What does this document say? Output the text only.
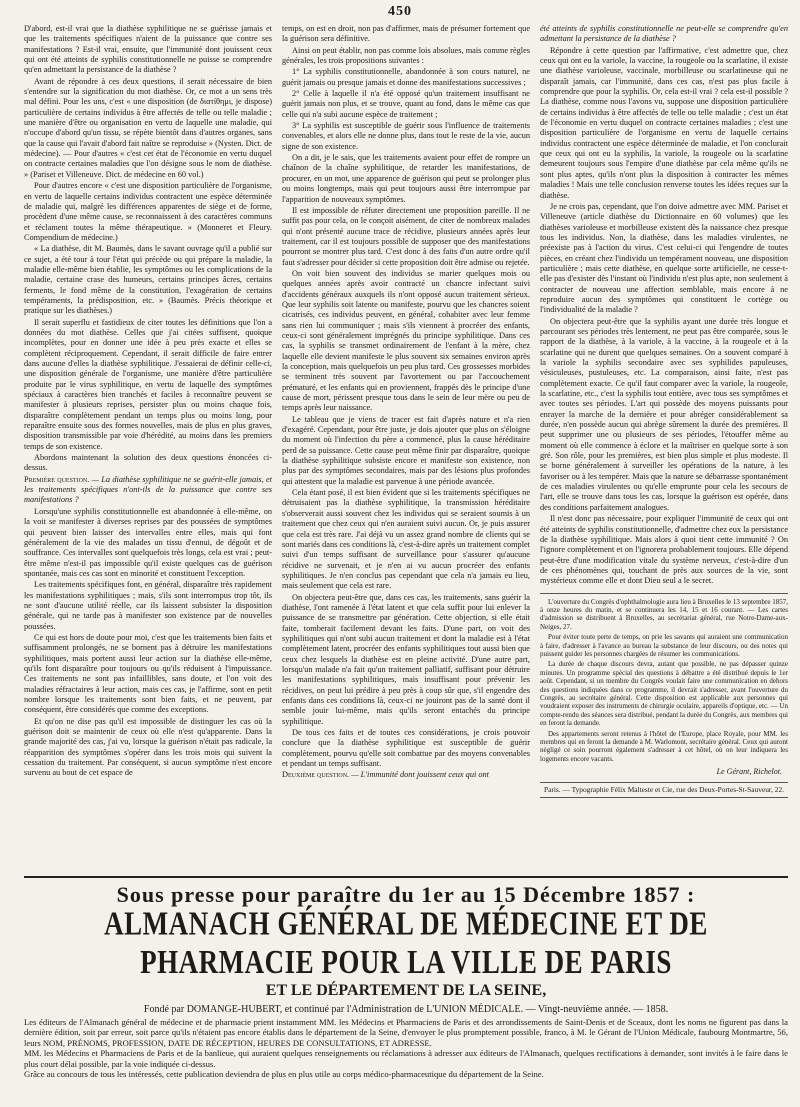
450

D'abord, est-il vrai que la diathèse syphilitique ne se guérisse jamais et que les traitements spécifiques n'aient de la puissance que contre ses manifestations ? Est-il vrai, ensuite, que l'immunité dont jouissent ceux qui ont été atteints de syphilis constitutionnelle ne puisse se comprendre qu'en admettant la persistance de la diathèse ?

Avant de répondre à ces deux questions, il serait nécessaire de bien s'entendre sur la signification du mot diathèse. Or, ce mot a un sens très mal défini. Pour les uns, c'est « une disposition (de διατίθημι, je dispose) particulière de certains individus à être affectés de telle ou telle maladie ; une manière d'être ou organisation en vertu de laquelle une maladie, qui n'occupe d'abord qu'un tissu, se répète bientôt dans d'autres organes, sans que la cause qui l'avait d'abord fait naître se reproduise » (Nysten. Dict. de médecine). — Pour d'autres « c'est cet état de l'économie en vertu duquel on contracte certaines maladies que l'on désigne sous le nom de diathèse. » (Pariset et Villeneuve. Dict. de médecine en 60 vol.)

Pour d'autres encore « c'est une disposition particulière de l'organisme, en vertu de laquelle certains individus contractent une espèce déterminée de maladie qui, malgré les différences apparentes de siège et de forme, procèdent d'une même cause, se reconnaissent à des caractères communs et réclament toutes la même thérapeutique. » (Monneret et Fleury. Compendium de médecine.)

« La diathèse, dit M. Baumès, dans le savant ouvrage qu'il a publié sur ce sujet, a été tour à tour l'état qui précède ou qui prépare la maladie, la maladie elle-même bien établie, les symptômes ou les complications de la maladie, certaine crase des humeurs, certains principes âcres, certains ferments, le fond même de la constitution, l'exagération de certains tempéraments, la prédisposition, etc. » (Baumès. Précis théorique et pratique sur les diathèses.)

Il serait superflu et fastidieux de citer toutes les définitions que l'on a données du mot diathèse. Celles que j'ai citées suffisent, quoique incomplètes, pour en donner une idée à peu près exacte et elles se complètent réciproquement. Cependant, il serait difficile de faire entrer dans aucune d'elles la diathèse syphilitique. J'essaierai de définir celle-ci, une disposition générale de l'organisme, une manière d'être particulière produite par le virus syphilitique, en vertu de laquelle des symptômes spéciaux à caractères bien tranchés et faciles à reconnaître peuvent se manifester à plusieurs reprises, persister plus ou moins chaque fois, disparaître complètement pendant un temps plus ou moins long, pour reparaître ensuite sous des formes nouvelles, mais de plus en plus graves, disposition transmissible par voie d'hérédité, au moins dans les premiers temps de son existence.

Abordons maintenant la solution des deux questions énoncées ci-dessus.

Première question. — La diathèse syphilitique ne se guérit-elle jamais, et les traitements spécifiques n'ont-ils de la puissance que contre ses manifestations ?

Lorsqu'une syphilis constitutionnelle est abandonnée à elle-même, on la voit se manifester à diverses reprises par des poussées de symptômes qui peuvent bien laisser des intervalles entre elles, mais qui font généralement de la vie des malades un tissu d'ennui, de dégoût et de souffrance. Ces intervalles sont quelquefois très longs, cela est vrai ; peut-être même n'est-il pas impossible qu'il existe quelques cas de guérison spontanée, mais ces cas sont en minorité et constituent l'exception.

Les traitements spécifiques font, en général, disparaître très rapidement les manifestations syphilitiques ; mais, s'ils sont interrompus trop tôt, ils ne sont d'aucune utilité réelle, car ils laissent subsister la disposition générale, qui ne tarde pas à manifester son existence par de nouvelles poussées.

Ce qui est hors de doute pour moi, c'est que les traitements bien faits et suffisamment prolongés, ne se bornent pas à détruire les manifestations syphilitiques, mais portent aussi leur action sur la diathèse elle-même, qu'ils font disparaître pour toujours ou qu'ils réduisent à l'impuissance. Ces traitements ne sont pas infaillibles, sans doute, et l'on voit des maladies réfractaires à leur action, mais ces cas, je l'affirme, sont en petit nombre lorsque les traitements sont bien faits, et ne peuvent, par conséquent, être considérés que comme des exceptions.

Et qu'on ne dise pas qu'il est impossible de distinguer les cas où la guérison doit se maintenir de ceux où elle n'est qu'apparente. Dans la grande majorité des cas, j'ai vu, lorsque la guérison n'était pas radicale, la réapparition des symptômes s'opérer dans les trois mois qui suivent la cessation du traitement. Par conséquent, si aucun symptôme n'est encore survenu au bout de cet espace de

temps, on est en droit, non pas d'affirmer, mais de présumer fortement que la guérison sera définitive.

Ainsi on peut établir, non pas comme lois absolues, mais comme règles générales, les trois propositions suivantes :

1° La syphilis constitutionnelle, abandonnée à son cours naturel, ne guérit jamais ou presque jamais et donne des manifestations successives ;

2° Celle à laquelle il n'a été opposé qu'un traitement insuffisant ne guérit jamais non plus, et se trouve, quant au fond, dans le même cas que celle qui n'a subi aucune espèce de traitement ;

3° La syphilis est susceptible de guérir sous l'influence de traitements convenables, et alors elle ne donne plus, dans tout le reste de la vie, aucun signe de son existence.

On a dit, je le sais, que les traitements avaient pour effet de rompre un chaînon de la chaîne syphilitique, de retarder les manifestations, de procurer, en un mot, une apparence de guérison qui peut se prolonger plus ou moins longtemps, mais qui peut toujours aussi être interrompue par l'apparition de nouveaux symptômes.

Il est impossible de réfuter directement une proposition pareille. Il ne suffit pas pour cela, on le conçoit aisément, de citer de nombreux malades qui n'ont présenté aucune trace de récidive, plusieurs années après leur traitement, car il est toujours possible de supposer que des manifestations pourront se montrer plus tard. C'est donc à des faits d'un autre ordre qu'il faut s'adresser pour décider si cette proposition doit être admise ou rejetée.

On voit bien souvent des individus se marier quelques mois ou quelques années après avoir contracté un chancre infectant suivi d'accidents généraux auxquels ils n'ont opposé aucun traitement sérieux. Que leur syphilis soit latente ou manifeste, pourvu que les chancres soient cicatrisés, ces individus peuvent, en général, cohabiter avec leur femme sans rien lui communiquer ; mais s'ils viennent à procréer des enfants, ceux-ci sont généralement imprégnés du principe syphilitique. Dans ces cas, la syphilis se transmet ordinairement de l'enfant à la mère, chez laquelle elle devient manifeste le plus souvent six semaines environ après la conception, mais quelquefois un peu plus tard. Ces grossesses morbides se terminent très souvent par l'avortement ou par l'accouchement prématuré, et les enfants qui en proviennent, frappés dès le principe d'une cause de mort, périssent presque tous dans le sein de leur mère ou peu de temps après leur naissance.

Le tableau que je viens de tracer est fait d'après nature et n'a rien d'exagéré. Cependant, pour être juste, je dois ajouter que plus on s'éloigne du moment où l'infection du père a commencé, plus la cause héréditaire perd de sa puissance. Cette cause peut même finir par disparaître, quoique la diathèse syphilitique subsiste encore et manifeste son existence, non plus par des symptômes secondaires, mais par des lésions plus profondes qui attestent que la maladie est parvenue à une période avancée.

Cela étant posé, il est bien évident que si les traitements spécifiques ne détruisaient pas la diathèse syphilitique, la transmission héréditaire s'observerait aussi souvent chez les individus qui se seraient soumis à un traitement que chez ceux qui n'en auraient suivi aucun. Or, je puis assurer que cela est très rare. J'ai déjà vu un assez grand nombre de clients qui se sont mariés dans ces conditions là, c'est-à-dire après un traitement complet suivi d'un temps suffisant de surveillance pour s'assurer qu'aucune récidive ne survenait, et je n'en ai vu aucun procréer des enfants syphilitiques. Je n'en conclus pas cependant que cela n'a jamais eu lieu, mais seulement que cela est rare.

On objectera peut-être que, dans ces cas, les traitements, sans guérir la diathèse, l'ont ramenée à l'état latent et que cela suffit pour lui enlever la puissance de se transmettre par génération. Cette objection, si elle était faite, tomberait facilement devant les faits. D'une part, on voit des syphilitiques qui n'ont subi aucun traitement et dont la maladie est à l'état complètement latent, procréer des enfants syphilitiques tout aussi bien que ceux chez lesquels la diathèse est en pleine activité. D'une autre part, lorsqu'un malade n'a fait qu'un traitement palliatif, suffisant pour détruire les manifestations syphilitiques, mais insuffisant pour prévenir les récidives, on peut lui prédire à peu près à coup sûr que, s'il engendre des enfants dans ces conditions là, ceux-ci ne jouiront pas de la santé dont il semble jouir lui-même, mais qu'ils seront entachés du principe syphilitique.

De tous ces faits et de toutes ces considérations, je crois pouvoir conclure que la diathèse syphilitique est susceptible de guérir complètement, pourvu qu'elle soit combattue par des moyens convenables et pendant un temps suffisant.

Deuxième question. — L'immunité dont jouissent ceux qui ont

été atteints de syphilis constitutionnelle ne peut-elle se comprendre qu'en admettant la persistance de la diathèse ?

Répondre à cette question par l'affirmative, c'est admettre que, chez ceux qui ont eu la variole, la vaccine, la rougeole ou la scarlatine, il existe une diathèse varioleuse, vaccinale, morbilleuse ou scarlatineuse qui ne disparaît jamais, car l'immunité, dans ces cas, n'est pas plus facile à comprendre que pour la syphilis. Or, cela est-il vrai ? cela est-il possible ? La diathèse, comme nous l'avons vu, suppose une disposition particulière de certains individus à être affectés de telle ou telle maladie ; c'est un état de l'économie en vertu duquel on contracte certaines maladies ; c'est une disposition particulière de l'organisme en vertu de laquelle certains individus contractent une espèce déterminée de maladie, et l'on conclurait que ceux qui ont eu la syphilis, la variole, la rougeole ou la scarlatine demeurent toujours sous l'empire d'une diathèse par cela même qu'ils ne sont plus aptes, qu'ils n'ont plus la disposition à contracter les mêmes maladies ! Mais une telle conclusion renverse toutes les idées reçues sur la diathèse.

Je ne crois pas, cependant, que l'on doive admettre avec MM. Pariset et Villeneuve (article diathèse du Dictionnaire en 60 volumes) que les diathèses varioleuse et morbilleuse existent dès la naissance chez presque tous les individus. Non, la diathèse, dans les maladies virulentes, ne préexiste pas à l'action du virus. C'est celui-ci qui l'engendre de toutes pièces, en créant chez l'individu un tempérament nouveau, une disposition particulière ; mais cette diathèse, en quelque sorte artificielle, ne cesse-t-elle pas d'exister dès l'instant où l'individu n'est plus apte, non seulement à contracter de nouveau une affection semblable, mais encore à ne reproduire aucun des symptômes qui constituent le cortège ou l'individualité de la maladie ?

On objectera peut-être que la syphilis ayant une durée très longue et parcourant ses périodes très lentement, ne peut pas être comparée, sous le rapport de la diathèse, à la variole, à la vaccine, à la rougeole et à la scarlatine qui ne durent que quelques semaines. On a souvent comparé à la variole la syphilis secondaire avec ses syphilides papuleuses, vésiculeuses, pustuleuses, etc. La comparaison, ainsi faite, n'est pas complètement exacte. Ce qu'il faut comparer avec la variole, la rougeole, la scarlatine, etc., c'est la syphilis tout entière, avec tous ses symptômes et avec toutes ses périodes. L'art qui possède des moyens puissants pour enrayer la marche de la dernière et pour abréger considérablement sa durée, n'en possède aucun qui abrège sûrement la durée des premières. Il peut supprimer une ou plusieurs de ses périodes, l'étouffer même au moment où elle commence à éclore et la maîtriser en quelque sorte à son gré. Son rôle, pour les premières, est bien plus simple et plus modeste. Il se borne généralement à surveiller les opérations de la nature, à les favoriser ou à les tempérer. Mais que la nature se débarrasse spontanément de ces maladies virulentes ou qu'elle emprunte pour cela les secours de l'art, elle se trouve dans tous les cas, lorsque la guérison est opérée, dans des conditions parfaitement analogues.

Il n'est donc pas nécessaire, pour expliquer l'immunité de ceux qui ont été atteints de syphilis constitutionnelle, d'admettre chez eux la persistance de la diathèse syphilitique. Mais alors à quoi tient cette immunité ? On l'ignore complètement et on l'ignorera probablement toujours. Elle dépend peut-être d'une modification vitale du système nerveux, c'est-à-dire d'un de ces phénomènes qui, touchant de près aux sources de la vie, sont mystérieux comme elle et dont Dieu seul a le secret.

L'ouverture du Congrès d'ophthalmologie aura lieu à Bruxelles le 13 septembre 1857, à onze heures du matin, et se continuera les 14, 15 et 16 courant. — Les cartes d'admission se distribuent à Bruxelles, au secrétariat général, rue Notre-Dame-aux-Neiges, 27.

Pour éviter toute perte de temps, on prie les savants qui auraient une communication à faire, d'adresser à l'avance au bureau la substance de leur discours, ou des notes qui puissent guider les personnes chargées de résumer les communications.

La durée de chaque discours devra, autant que possible, ne pas dépasser quinze minutes. Un programme spécial des questions à débattre a été distribué depuis le 1er août. Cependant, si un membre du Congrès voulait faire une communication en dehors des questions indiquées dans ce programme, il devrait s'adresser, avant l'ouverture du Congrès, au secrétaire général. Cette disposition est applicable aux personnes qui voudraient exposer des instruments de chirurgie oculaire, appareils d'optique, etc. — Un compte-rendu des séances sera distribué, pendant la durée du Congrès, aux membres qui en feront la demande.

Des appartements seront retenus à l'hôtel de l'Europe, place Royale, pour MM. les membres qui en feront la demande à M. Warlomont, secrétaire général. Ceux qui auront négligé ce soin pourront également s'adresser à cet hôtel, où on leur indiquera les logements encore vacants.

Le Gérant, Richelot.
Paris. — Typographie Félix Malteste et Cie, rue des Deux-Portes-St-Sauveur, 22.

Sous presse pour paraître du 1er au 15 Décembre 1857 :

ALMANACH GÉNÉRAL DE MÉDECINE ET DE PHARMACIE POUR LA VILLE DE PARIS

ET LE DÉPARTEMENT DE LA SEINE,

Fondé par DOMANGE-HUBERT, et continué par l'Administration de L'UNION MÉDICALE. — Vingt-neuvième année. — 1858.

Les éditeurs de l'Almanach général de médecine et de pharmacie prient instamment MM. les Médecins et Pharmaciens de Paris et des arrondissements de Saint-Denis et de Sceaux, dont les noms ne figurent pas dans la dernière édition, soit par erreur, soit parce qu'ils n'étaient pas encore établis dans le département de la Seine, d'envoyer le plus promptement possible, franco, à M. le Gérant de l'Union Médicale, faubourg Montmartre, 56, leurs NOM, PRÉNOMS, PROFESSION, DATE DE RÉCEPTION, HEURES DE CONSULTATIONS, ET ADRESSE.

MM. les Médecins et Pharmaciens de Paris et de la banlieue, qui auraient quelques renseignements ou réclamations à adresser aux éditeurs de l'Almanach, quelques rectifications à demander, sont invités à le faire dans le plus court délai possible, par la voie indiquée ci-dessus.

Grâce au concours de tous les intéressés, cette publication deviendra de plus en plus utile au corps médico-pharmaceutique du département de la Seine.
